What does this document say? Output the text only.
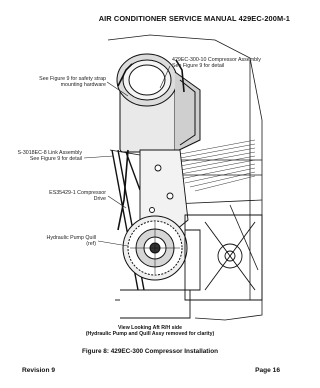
AIR CONDITIONER SERVICE MANUAL 429EC-200M-1
429EC-300-10 Compressor Assembly
See Figure 9 for detail
See Figure 9 for safety strap
mounting hardware
S-3018EC-8 Link Assembly
See Figure 9 for detail
ES35429-1 Compressor
Drive
Hydraulic Pump Quill
(ref)
View Looking Aft R/H side
(Hydraulic Pump and Quill Assy removed for clarity)
Figure 8: 429EC-300 Compressor Installation
Revision 9	Page 16
